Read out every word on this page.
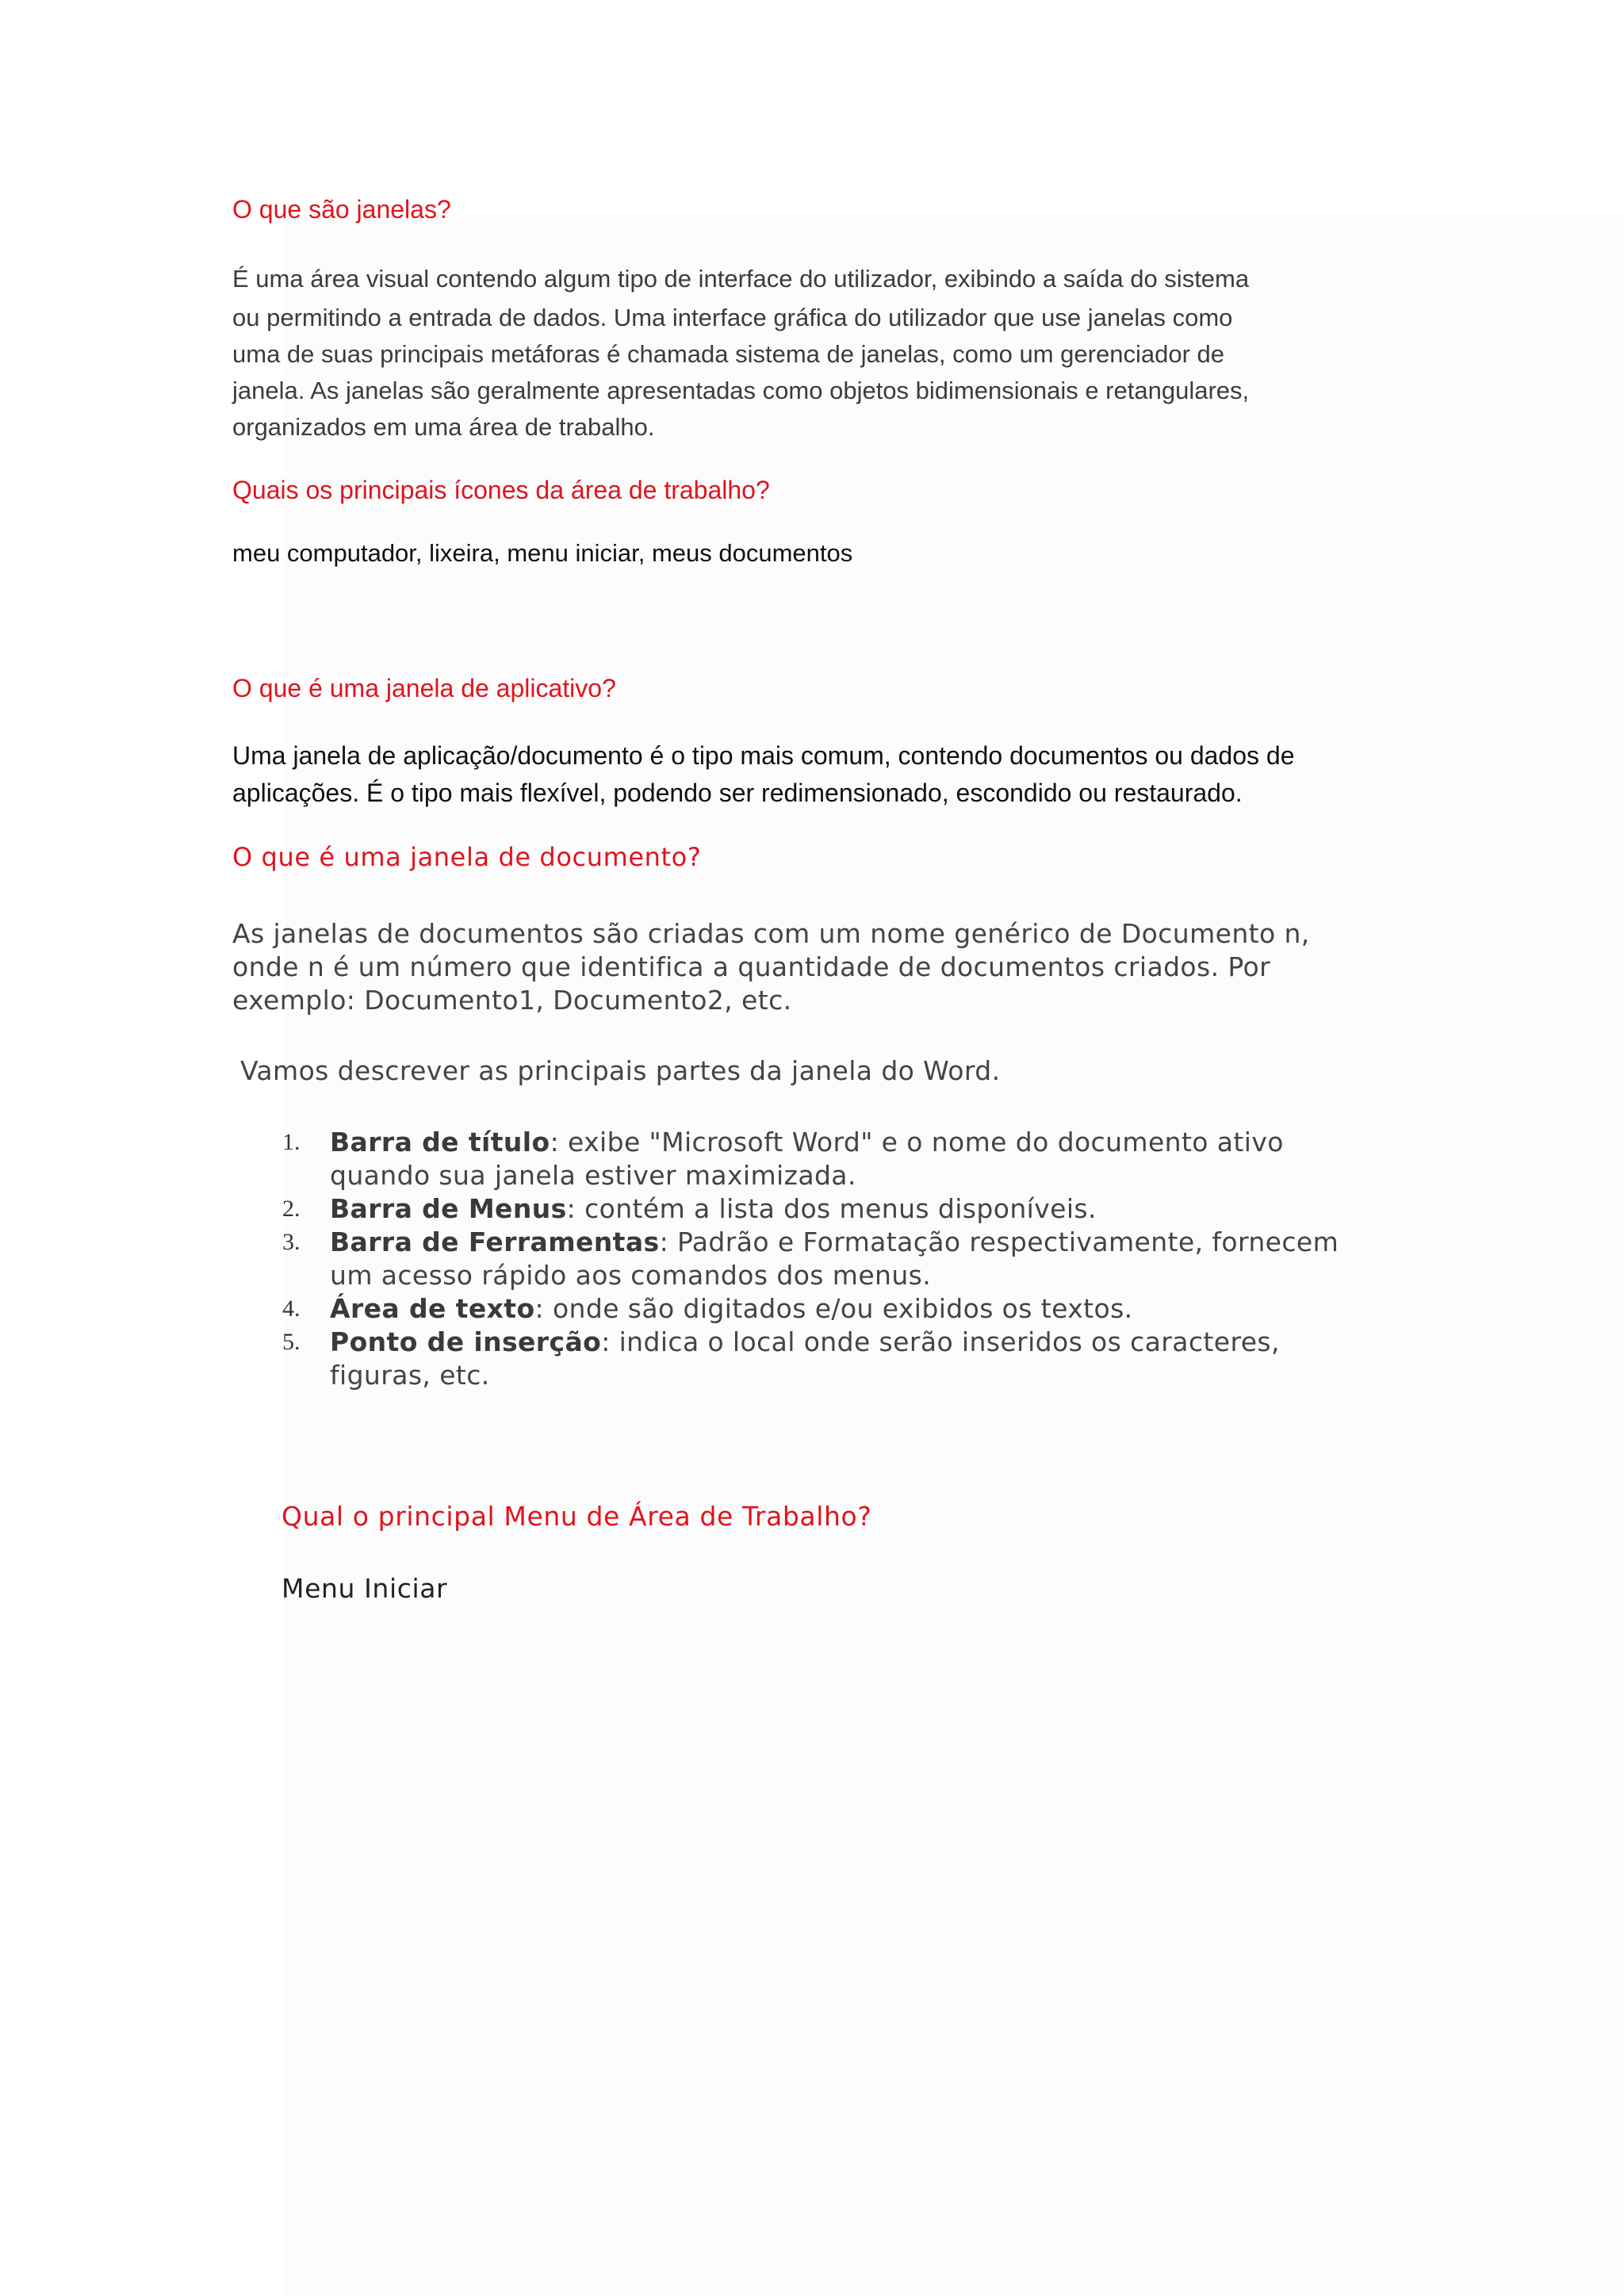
O que são janelas?
É uma área visual contendo algum tipo de interface do utilizador, exibindo a saída do sistema
ou permitindo a entrada de dados. Uma interface gráfica do utilizador que use janelas como
uma de suas principais metáforas é chamada sistema de janelas, como um gerenciador de
janela. As janelas são geralmente apresentadas como objetos bidimensionais e retangulares,
organizados em uma área de trabalho.
Quais os principais ícones da área de trabalho?
meu computador, lixeira, menu iniciar, meus documentos
O que é uma janela de aplicativo?
Uma janela de aplicação/documento é o tipo mais comum, contendo documentos ou dados de
aplicações. É o tipo mais flexível, podendo ser redimensionado, escondido ou restaurado.
O que é uma janela de documento?
As janelas de documentos são criadas com um nome genérico de Documento n,
onde n é um número que identifica a quantidade de documentos criados. Por
exemplo: Documento1, Documento2, etc.
Vamos descrever as principais partes da janela do Word.
1. Barra de título: exibe "Microsoft Word" e o nome do documento ativo
quando sua janela estiver maximizada.
2. Barra de Menus: contém a lista dos menus disponíveis.
3. Barra de Ferramentas: Padrão e Formatação respectivamente, fornecem
um acesso rápido aos comandos dos menus.
4. Área de texto: onde são digitados e/ou exibidos os textos.
5. Ponto de inserção: indica o local onde serão inseridos os caracteres,
figuras, etc.
Qual o principal Menu de Área de Trabalho?
Menu Iniciar
